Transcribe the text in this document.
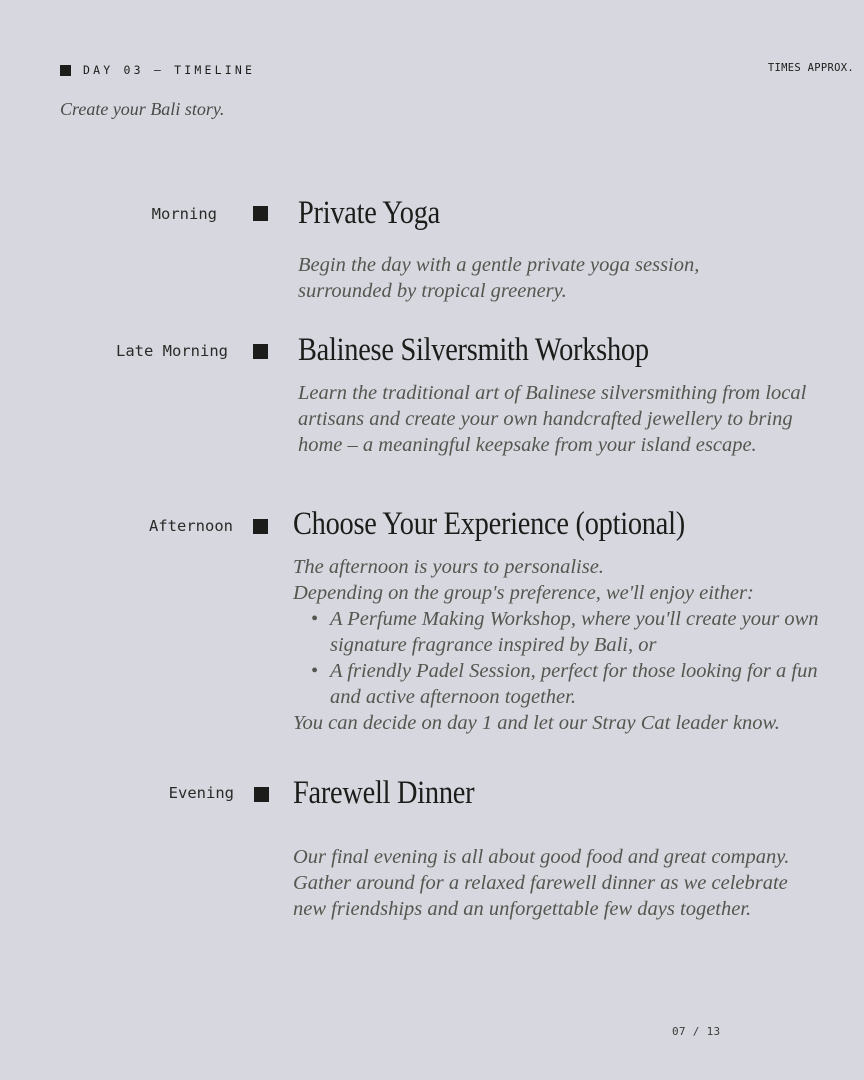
DAY 03 — TIMELINE	TIMES APPROX.
Create your Bali story.
Morning Private Yoga
Begin the day with a gentle private yoga session, surrounded by tropical greenery.
Late Morning Balinese Silversmith Workshop
Learn the traditional art of Balinese silversmithing from local artisans and create your own handcrafted jewellery to bring home – a meaningful keepsake from your island escape.
Afternoon Choose Your Experience (optional)

The afternoon is yours to personalise.

Depending on the group's preference, we'll enjoy either:

• A Perfume Making Workshop, where you'll create your own signature fragrance inspired by Bali, or
• A friendly Padel Session, perfect for those looking for a fun and active afternoon together.

You can decide on day 1 and let our Stray Cat leader know.

Evening Farewell Dinner
Our final evening is all about good food and great company. Gather around for a relaxed farewell dinner as we celebrate new friendships and an unforgettable few days together.
07 / 13
